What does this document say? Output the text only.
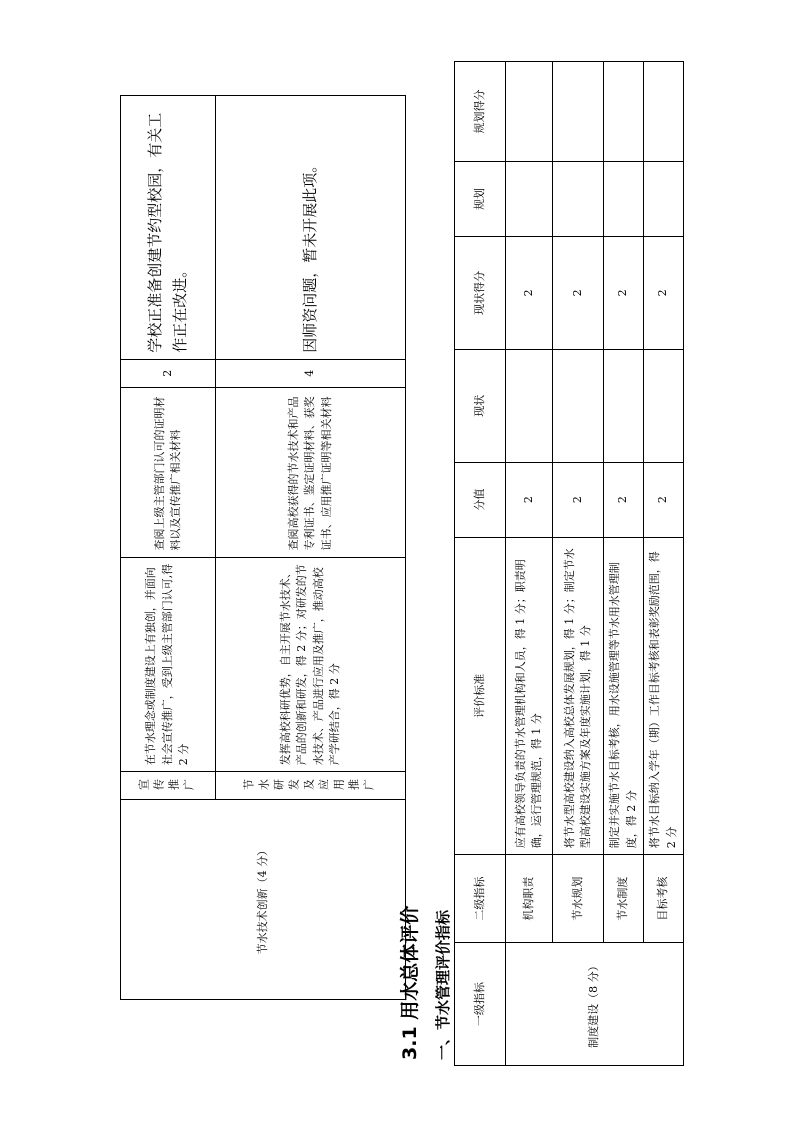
节水技术创新（4 分）	宣传推广	在节水理念或制度建设上有独创，并面向社会宣传推广，受到上级主管部门认可,得 2 分	查阅上级主管部门认可的证明材料以及宣传推广相关材料	2	学校正准备创建节约型校园，有关工作正在改进。
	节水研发及应用推广	发挥高校科研优势，自主开展节水技术、产品的创新和研发，得 2 分；对研发的节水技术、产品进行应用及推广，推动高校产学研结合，得 2 分	查阅高校获得的节水技术和产品专利证书、鉴定证明材料、获奖证书、应用推广证明等相关材料	4	因师资问题，暂未开展此项。
3.1 用水总体评价 一、节水管理评价指标 一级指标	二级指标	评价标准	分值	现状	现状得分	规划	规划得分
制度建设（8 分）	机构职责	应有高校领导负责的节水管理机构和人员，得 1 分；职责明确，运行管理规范，得 1 分	2		2		
	节水规划	将节水型高校建设纳入高校总体发展规划，得 1 分；制定节水型高校建设实施方案及年度实施计划，得 1 分	2		2		
	节水制度	制定并实施节水目标考核，用水设施管理等节水用水管理制度，得 2 分	2		2		
	目标考核	将节水目标纳入学年（期）工作目标考核和表彰奖励范围，得 2 分	2		2		
